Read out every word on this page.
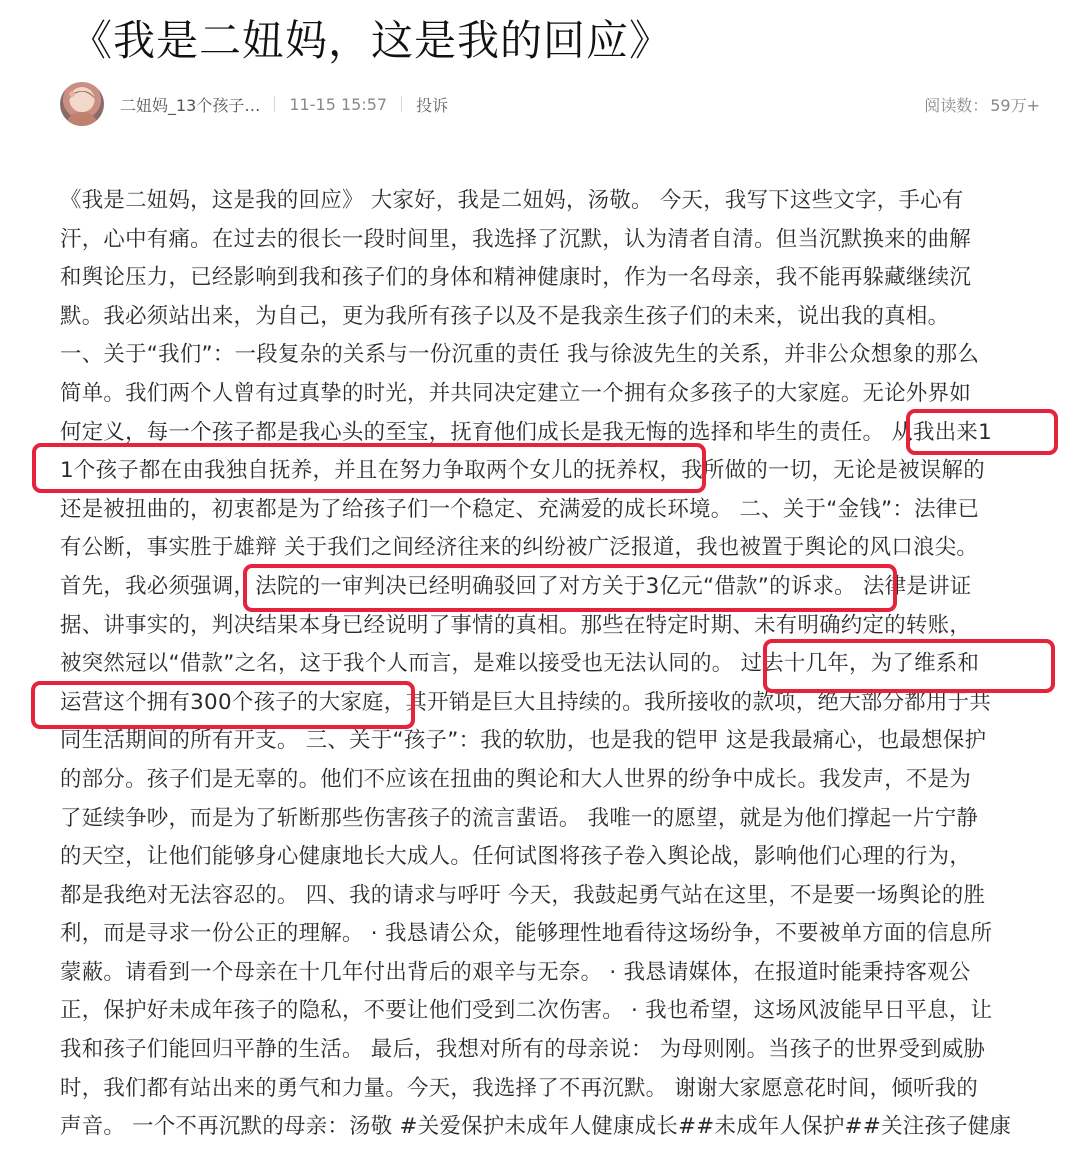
《我是二妞妈，这是我的回应》
二妞妈_13个孩子… 11-15 15:57 投诉	阅读数： 59万+

《我是二妞妈，这是我的回应》 大家好，我是二妞妈，汤敬。 今天，我写下这些文字，手心有

汗，心中有痛。在过去的很长一段时间里，我选择了沉默，认为清者自清。但当沉默换来的曲解

和舆论压力，已经影响到我和孩子们的身体和精神健康时，作为一名母亲，我不能再躲藏继续沉

默。我必须站出来，为自己，更为我所有孩子以及不是我亲生孩子们的未来，说出我的真相。

一、关于“我们”：一段复杂的关系与一份沉重的责任 我与徐波先生的关系，并非公众想象的那么

简单。我们两个人曾有过真挚的时光，并共同决定建立一个拥有众多孩子的大家庭。无论外界如

何定义，每一个孩子都是我心头的至宝，抚育他们成长是我无悔的选择和毕生的责任。 从我出来1

1个孩子都在由我独自抚养，并且在努力争取两个女儿的抚养权，我所做的一切，无论是被误解的

还是被扭曲的，初衷都是为了给孩子们一个稳定、充满爱的成长环境。 二、关于“金钱”：法律已

有公断，事实胜于雄辩 关于我们之间经济往来的纠纷被广泛报道，我也被置于舆论的风口浪尖。

首先，我必须强调，法院的一审判决已经明确驳回了对方关于3亿元“借款”的诉求。 法律是讲证

据、讲事实的，判决结果本身已经说明了事情的真相。那些在特定时期、未有明确约定的转账，

被突然冠以“借款”之名，这于我个人而言，是难以接受也无法认同的。 过去十几年，为了维系和

运营这个拥有300个孩子的大家庭，其开销是巨大且持续的。我所接收的款项，绝大部分都用于共

同生活期间的所有开支。 三、关于“孩子”：我的软肋，也是我的铠甲 这是我最痛心，也最想保护

的部分。孩子们是无辜的。他们不应该在扭曲的舆论和大人世界的纷争中成长。我发声，不是为

了延续争吵，而是为了斩断那些伤害孩子的流言蜚语。 我唯一的愿望，就是为他们撑起一片宁静

的天空，让他们能够身心健康地长大成人。任何试图将孩子卷入舆论战，影响他们心理的行为，

都是我绝对无法容忍的。 四、我的请求与呼吁 今天，我鼓起勇气站在这里，不是要一场舆论的胜

利，而是寻求一份公正的理解。 · 我恳请公众，能够理性地看待这场纷争，不要被单方面的信息所

蒙蔽。请看到一个母亲在十几年付出背后的艰辛与无奈。 · 我恳请媒体，在报道时能秉持客观公

正，保护好未成年孩子的隐私，不要让他们受到二次伤害。 · 我也希望，这场风波能早日平息，让

我和孩子们能回归平静的生活。 最后，我想对所有的母亲说： 为母则刚。当孩子的世界受到威胁

时，我们都有站出来的勇气和力量。今天，我选择了不再沉默。 谢谢大家愿意花时间，倾听我的

声音。 一个不再沉默的母亲：汤敬 #关爱保护未成年人健康成长##未成年人保护##关注孩子健康
